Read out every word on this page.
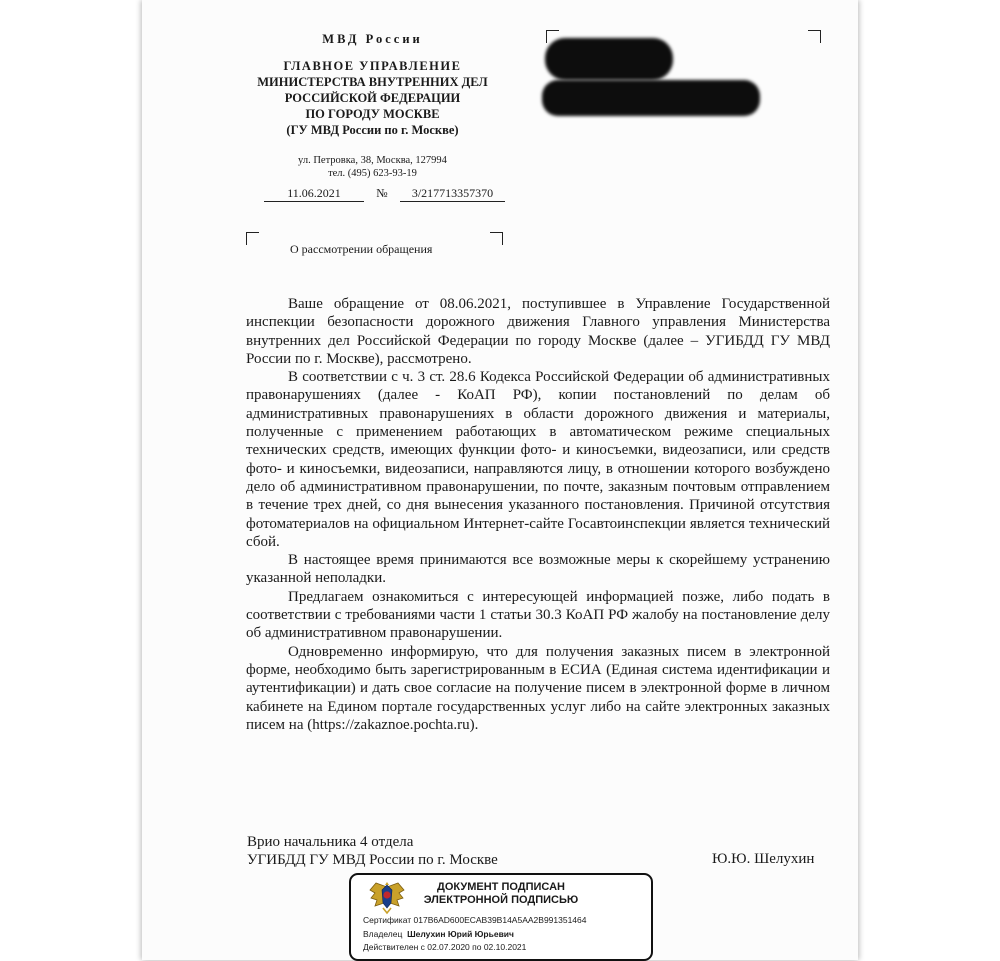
МВД России
ГЛАВНОЕ УПРАВЛЕНИЕ
МИНИСТЕРСТВА ВНУТРЕННИХ ДЕЛ
РОССИЙСКОЙ ФЕДЕРАЦИИ
ПО ГОРОДУ МОСКВЕ
(ГУ МВД России по г. Москве)
ул. Петровка, 38, Москва, 127994
тел. (495) 623-93-19
11.06.2021	№ 3/217713357370
О рассмотрении обращения

Ваше обращение от 08.06.2021, поступившее в Управление Государственной инспекции безопасности дорожного движения Главного управления Министерства внутренних дел Российской Федерации по городу Москве (далее – УГИБДД ГУ МВД России по г. Москве), рассмотрено.

В соответствии с ч. 3 ст. 28.6 Кодекса Российской Федерации об административных правонарушениях (далее - КоАП РФ), копии постановлений по делам об административных правонарушениях в области дорожного движения и материалы, полученные с применением работающих в автоматическом режиме специальных технических средств, имеющих функции фото- и киносъемки, видеозаписи, или средств фото- и киносъемки, видеозаписи, направляются лицу, в отношении которого возбуждено дело об административном правонарушении, по почте, заказным почтовым отправлением в течение трех дней, со дня вынесения указанного постановления. Причиной отсутствия фотоматериалов на официальном Интернет-сайте Госавтоинспекции является технический сбой.

В настоящее время принимаются все возможные меры к скорейшему устранению указанной неполадки.

Предлагаем ознакомиться с интересующей информацией позже, либо подать в соответствии с требованиями части 1 статьи 30.3 КоАП РФ жалобу на постановление делу об административном правонарушении.

Одновременно информирую, что для получения заказных писем в электронной форме, необходимо быть зарегистрированным в ЕСИА (Единая система идентификации и аутентификации) и дать свое согласие на получение писем в электронной форме в личном кабинете на Едином портале государственных услуг либо на сайте электронных заказных писем на (https://zakaznoe.pochta.ru).

Врио начальника 4 отдела
УГИБДД ГУ МВД России по г. Москве	Ю.Ю. Шелухин
ДОКУМЕНТ ПОДПИСАН
ЭЛЕКТРОННОЙ ПОДПИСЬЮ
Сертификат 017B6AD600ECAB39B14A5AA2B991351464
Владелец Шелухин Юрий Юрьевич
Действителен с 02.07.2020 по 02.10.2021
